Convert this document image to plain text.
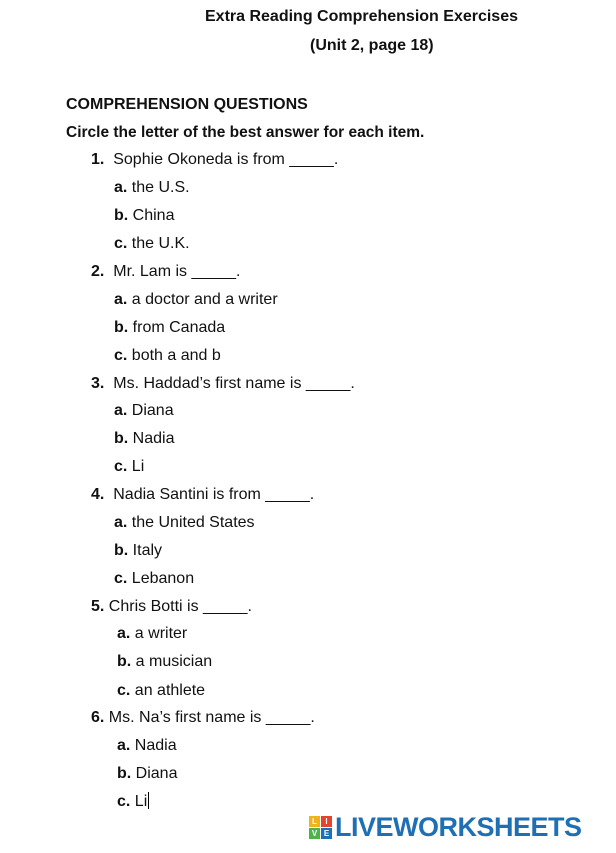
Extra Reading Comprehension Exercises
(Unit 2, page 18)
COMPREHENSION QUESTIONS
Circle the letter of the best answer for each item.
1. Sophie Okoneda is from _____.
a. the U.S.
b. China
c. the U.K.
2. Mr. Lam is _____.
a. a doctor and a writer
b. from Canada
c. both a and b
3. Ms. Haddad’s first name is _____.
a. Diana
b. Nadia
c. Li
4. Nadia Santini is from _____.
a. the United States
b. Italy
c. Lebanon
5. Chris Botti is _____.
a. a writer
b. a musician
c. an athlete
6. Ms. Na’s first name is _____.
a. Nadia
b. Diana
c. Li
L	I
V E LIVEWORKSHEETS
